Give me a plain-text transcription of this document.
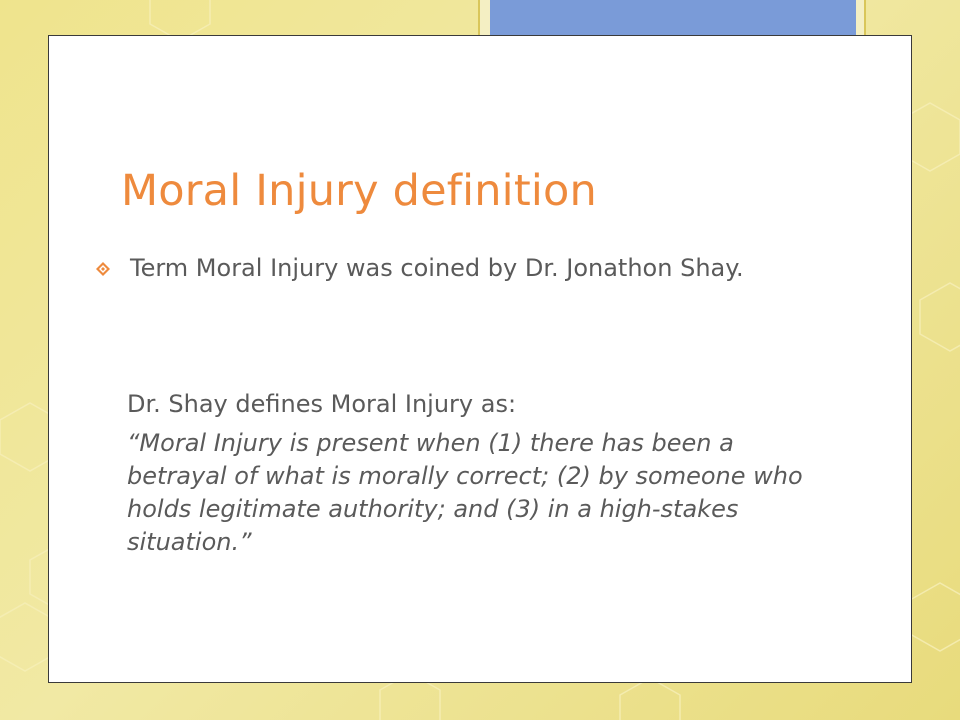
Moral Injury definition
Term Moral Injury was coined by Dr. Jonathon Shay.

Dr. Shay defines Moral Injury as:

“Moral Injury is present when (1) there has been a betrayal of what is morally correct; (2) by someone who holds legitimate authority; and (3) in a high-stakes situation.”
